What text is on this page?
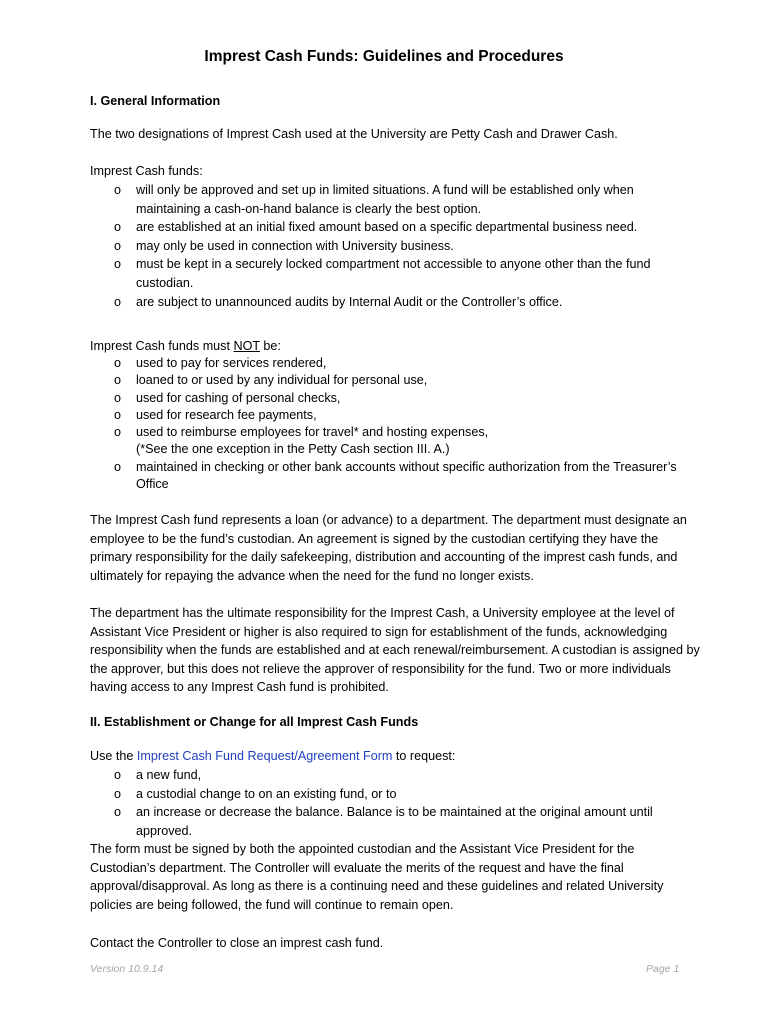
Imprest Cash Funds: Guidelines and Procedures
I. General Information
The two designations of Imprest Cash used at the University are Petty Cash and Drawer Cash.
Imprest Cash funds:
o will only be approved and set up in limited situations. A fund will be established only when maintaining a cash-on-hand balance is clearly the best option.
o are established at an initial fixed amount based on a specific departmental business need.
o may only be used in connection with University business.
o must be kept in a securely locked compartment not accessible to anyone other than the fund custodian.
o are subject to unannounced audits by Internal Audit or the Controller’s office.
Imprest Cash funds must NOT be:
o used to pay for services rendered,
o loaned to or used by any individual for personal use,
o used for cashing of personal checks,
o used for research fee payments,
o used to reimburse employees for travel* and hosting expenses,
(*See the one exception in the Petty Cash section III. A.)
o maintained in checking or other bank accounts without specific authorization from the Treasurer’s Office
The Imprest Cash fund represents a loan (or advance) to a department. The department must designate an employee to be the fund’s custodian. An agreement is signed by the custodian certifying they have the primary responsibility for the daily safekeeping, distribution and accounting of the imprest cash funds, and ultimately for repaying the advance when the need for the fund no longer exists.
The department has the ultimate responsibility for the Imprest Cash, a University employee at the level of Assistant Vice President or higher is also required to sign for establishment of the funds, acknowledging responsibility when the funds are established and at each renewal/reimbursement. A custodian is assigned by the approver, but this does not relieve the approver of responsibility for the fund. Two or more individuals having access to any Imprest Cash fund is prohibited.
II. Establishment or Change for all Imprest Cash Funds
Use the Imprest Cash Fund Request/Agreement Form to request:
o a new fund,
o a custodial change to on an existing fund, or to
o an increase or decrease the balance. Balance is to be maintained at the original amount until approved.
The form must be signed by both the appointed custodian and the Assistant Vice President for the Custodian’s department. The Controller will evaluate the merits of the request and have the final approval/disapproval. As long as there is a continuing need and these guidelines and related University policies are being followed, the fund will continue to remain open.
Contact the Controller to close an imprest cash fund.
Version 10.9.14	Page 1
